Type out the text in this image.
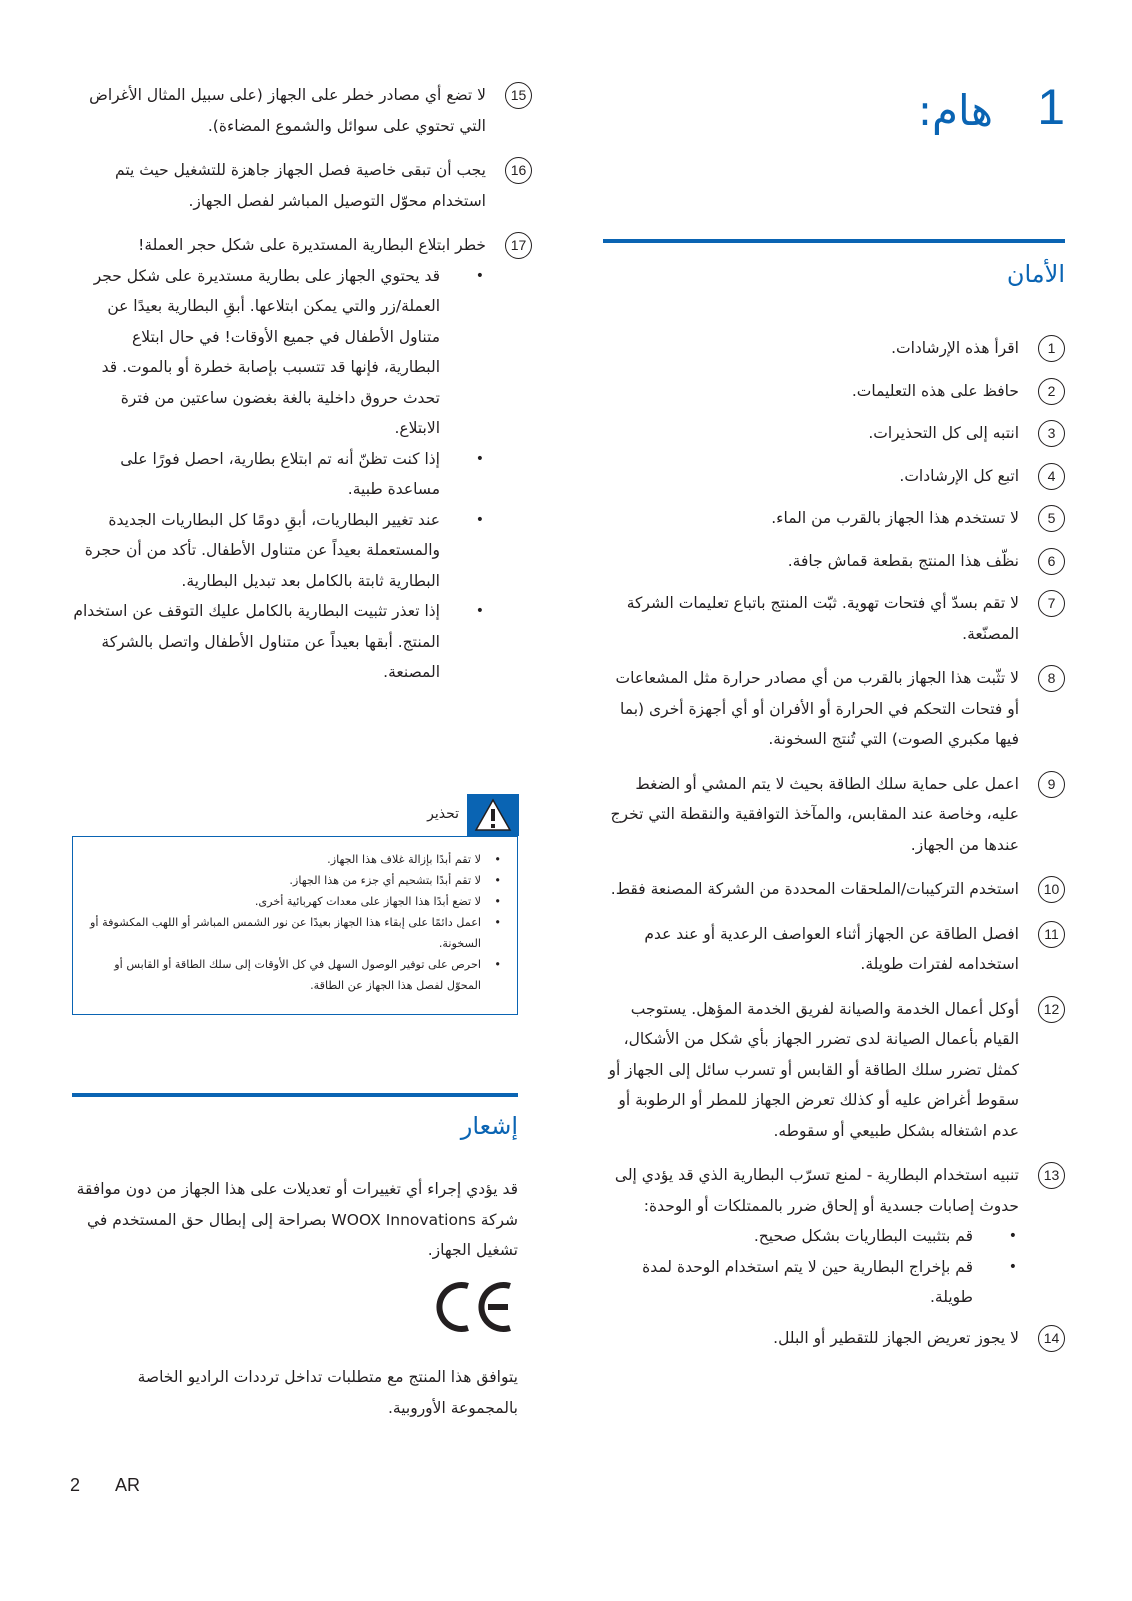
1
هام:
الأمان
1
اقرأ هذه الإرشادات.
2
حافظ على هذه التعليمات.
3
انتبه إلى كل التحذيرات.
4
اتبع كل الإرشادات.
5
لا تستخدم هذا الجهاز بالقرب من الماء.
6
نظّف هذا المنتج بقطعة قماش جافة.
7
لا تقم بسدّ أي فتحات تهوية. ثبّت المنتج باتباع تعليمات الشركة المصنّعة.
8
لا تثّبت هذا الجهاز بالقرب من أي مصادر حرارة مثل المشعاعات أو فتحات التحكم في الحرارة أو الأفران أو أي أجهزة أخرى (بما فيها مكبري الصوت) التي تُنتج السخونة.
9
اعمل على حماية سلك الطاقة بحيث لا يتم المشي أو الضغط عليه، وخاصة عند المقابس، والمآخذ التوافقية والنقطة التي تخرج عندها من الجهاز.
10
استخدم التركيبات/الملحقات المحددة من الشركة المصنعة فقط.
11
افصل الطاقة عن الجهاز أثناء العواصف الرعدية أو عند عدم استخدامه لفترات طويلة.
12
أوكل أعمال الخدمة والصيانة لفريق الخدمة المؤهل. يستوجب القيام بأعمال الصيانة لدى تضرر الجهاز بأي شكل من الأشكال، كمثل تضرر سلك الطاقة أو القابس أو تسرب سائل إلى الجهاز أو سقوط أغراض عليه أو كذلك تعرض الجهاز للمطر أو الرطوبة أو عدم اشتغاله بشكل طبيعي أو سقوطه.
13
تنبيه استخدام البطارية - لمنع تسرّب البطارية الذي قد يؤدي إلى حدوث إصابات جسدية أو إلحاق ضرر بالممتلكات أو الوحدة:
•
قم بتثبيت البطاريات بشكل صحيح.
•
قم بإخراج البطارية حين لا يتم استخدام الوحدة لمدة طويلة.
14
لا يجوز تعريض الجهاز للتقطير أو البلل.
15
لا تضع أي مصادر خطر على الجهاز (على سبيل المثال الأغراض التي تحتوي على سوائل والشموع المضاءة).
16
يجب أن تبقى خاصية فصل الجهاز جاهزة للتشغيل حيث يتم استخدام محوّل التوصيل المباشر لفصل الجهاز.
17
خطر ابتلاع البطارية المستديرة على شكل حجر العملة!
•
قد يحتوي الجهاز على بطارية مستديرة على شكل حجر العملة/زر والتي يمكن ابتلاعها. أبقِ البطارية بعيدًا عن متناول الأطفال في جميع الأوقات! في حال ابتلاع البطارية، فإنها قد تتسبب بإصابة خطرة أو بالموت. قد تحدث حروق داخلية بالغة بغضون ساعتين من فترة الابتلاع.
•
إذا كنت تظنّ أنه تم ابتلاع بطارية، احصل فورًا على مساعدة طبية.
•
عند تغيير البطاريات، أبقِ دومًا كل البطاريات الجديدة والمستعملة بعيداً عن متناول الأطفال. تأكد من أن حجرة البطارية ثابتة بالكامل بعد تبديل البطارية.
•
إذا تعذر تثبيت البطارية بالكامل عليك التوقف عن استخدام المنتج. أبقها بعيداً عن متناول الأطفال واتصل بالشركة المصنعة.
تحذير
•
لا تقم أبدًا بإزالة غلاف هذا الجهاز.
•
لا تقم أبدًا بتشحيم أي جزء من هذا الجهاز.
•
لا تضع أبدًا هذا الجهاز على معدات كهربائية أخرى.
•
اعمل دائمًا على إبقاء هذا الجهاز بعيدًا عن نور الشمس المباشر أو اللهب المكشوفة أو السخونة.
•
احرص على توفير الوصول السهل في كل الأوقات إلى سلك الطاقة أو القابس أو المحوّل لفصل هذا الجهاز عن الطاقة.
إشعار
قد يؤدي إجراء أي تغييرات أو تعديلات على هذا الجهاز من دون موافقة شركة WOOX Innovations بصراحة إلى إبطال حق المستخدم في تشغيل الجهاز.
يتوافق هذا المنتج مع متطلبات تداخل ترددات الراديو الخاصة بالمجموعة الأوروبية.
2 AR
